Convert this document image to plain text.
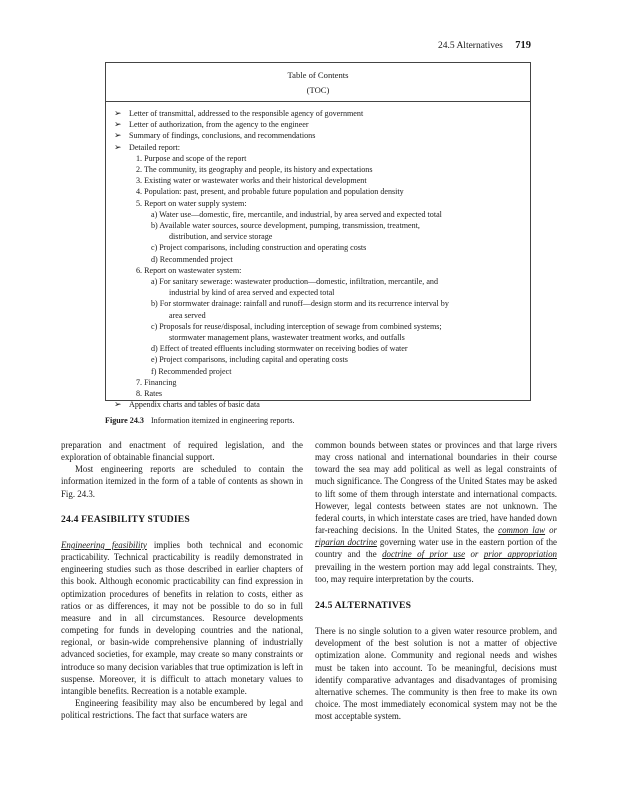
24.5 Alternatives 719
Table of Contents
(TOC)
➢ Letter of transmittal, addressed to the responsible agency of government
➢ Letter of authorization, from the agency to the engineer
➢ Summary of findings, conclusions, and recommendations
➢ Detailed report:
1. Purpose and scope of the report
2. The community, its geography and people, its history and expectations
3. Existing water or wastewater works and their historical development
4. Population: past, present, and probable future population and population density
5. Report on water supply system:
a) Water use—domestic, fire, mercantile, and industrial, by area served and expected total
b) Available water sources, source development, pumping, transmission, treatment,
distribution, and service storage
c) Project comparisons, including construction and operating costs
d) Recommended project
6. Report on wastewater system:
a) For sanitary sewerage: wastewater production—domestic, infiltration, mercantile, and
industrial by kind of area served and expected total
b) For stormwater drainage: rainfall and runoff—design storm and its recurrence interval by
area served
c) Proposals for reuse/disposal, including interception of sewage from combined systems;
stormwater management plans, wastewater treatment works, and outfalls
d) Effect of treated effluents including stormwater on receiving bodies of water
e) Project comparisons, including capital and operating costs
f) Recommended project
7. Financing
8. Rates
➢ Appendix charts and tables of basic data
Figure 24.3 Information itemized in engineering reports.

preparation and enactment of required legislation, and the exploration of obtainable financial support.

Most engineering reports are scheduled to contain the information itemized in the form of a table of contents as shown in Fig. 24.3.

24.4 FEASIBILITY STUDIES

Engineering feasibility implies both technical and economic practicability. Technical practicability is readily demonstrated in engineering studies such as those described in earlier chapters of this book. Although economic practicability can find expression in optimization procedures of benefits in relation to costs, either as ratios or as differences, it may not be possible to do so in full measure and in all circumstances. Resource developments competing for funds in developing countries and the national, regional, or basin-wide comprehensive planning of industrially advanced societies, for example, may create so many constraints or introduce so many decision variables that true optimization is left in suspense. Moreover, it is difficult to attach monetary values to intangible benefits. Recreation is a notable example.

Engineering feasibility may also be encumbered by legal and political restrictions. The fact that surface waters are

common bounds between states or provinces and that large rivers may cross national and international boundaries in their course toward the sea may add political as well as legal constraints of much significance. The Congress of the United States may be asked to lift some of them through interstate and international compacts. However, legal contests between states are not unknown. The federal courts, in which interstate cases are tried, have handed down far-reaching decisions. In the United States, the common law or riparian doctrine governing water use in the eastern portion of the country and the doctrine of prior use or prior appropriation prevailing in the western portion may add legal constraints. They, too, may require interpretation by the courts.

24.5 ALTERNATIVES

There is no single solution to a given water resource problem, and development of the best solution is not a matter of objective optimization alone. Community and regional needs and wishes must be taken into account. To be meaningful, decisions must identify comparative advantages and disadvantages of promising alternative schemes. The community is then free to make its own choice. The most immediately economical system may not be the most acceptable system.
